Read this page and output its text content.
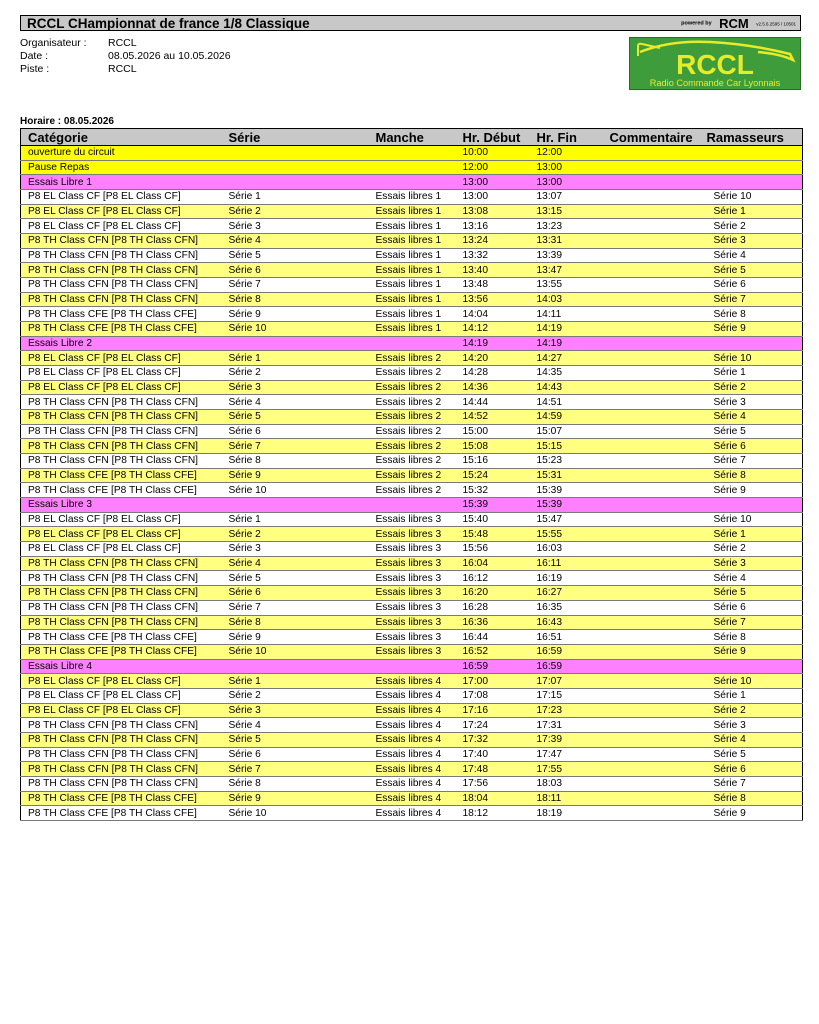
RCCL CHampionnat de france 1/8 Classique	powered by RCM v2.5.6.2595 / 10501
Organisateur : RCCL
Date :	08.05.2026 au 10.05.2026
Piste :	RCCL	RCCL
Radio Commande Car Lyonnais
Horaire : 08.05.2026
Catégorie	Série	Manche	Hr. Début	Hr. Fin	Commentaire	Ramasseurs
ouverture du circuit			10:00	12:00		
Pause Repas			12:00	13:00		
Essais Libre 1			13:00	13:00		
P8 EL Class CF [P8 EL Class CF]	Série 1	Essais libres 1	13:00	13:07		Série 10
P8 EL Class CF [P8 EL Class CF]	Série 2	Essais libres 1	13:08	13:15		Série 1
P8 EL Class CF [P8 EL Class CF]	Série 3	Essais libres 1	13:16	13:23		Série 2
P8 TH Class CFN [P8 TH Class CFN]	Série 4	Essais libres 1	13:24	13:31		Série 3
P8 TH Class CFN [P8 TH Class CFN]	Série 5	Essais libres 1	13:32	13:39		Série 4
P8 TH Class CFN [P8 TH Class CFN]	Série 6	Essais libres 1	13:40	13:47		Série 5
P8 TH Class CFN [P8 TH Class CFN]	Série 7	Essais libres 1	13:48	13:55		Série 6
P8 TH Class CFN [P8 TH Class CFN]	Série 8	Essais libres 1	13:56	14:03		Série 7
P8 TH Class CFE [P8 TH Class CFE]	Série 9	Essais libres 1	14:04	14:11		Série 8
P8 TH Class CFE [P8 TH Class CFE]	Série 10	Essais libres 1	14:12	14:19		Série 9
Essais Libre 2			14:19	14:19		
P8 EL Class CF [P8 EL Class CF]	Série 1	Essais libres 2	14:20	14:27		Série 10
P8 EL Class CF [P8 EL Class CF]	Série 2	Essais libres 2	14:28	14:35		Série 1
P8 EL Class CF [P8 EL Class CF]	Série 3	Essais libres 2	14:36	14:43		Série 2
P8 TH Class CFN [P8 TH Class CFN]	Série 4	Essais libres 2	14:44	14:51		Série 3
P8 TH Class CFN [P8 TH Class CFN]	Série 5	Essais libres 2	14:52	14:59		Série 4
P8 TH Class CFN [P8 TH Class CFN]	Série 6	Essais libres 2	15:00	15:07		Série 5
P8 TH Class CFN [P8 TH Class CFN]	Série 7	Essais libres 2	15:08	15:15		Série 6
P8 TH Class CFN [P8 TH Class CFN]	Série 8	Essais libres 2	15:16	15:23		Série 7
P8 TH Class CFE [P8 TH Class CFE]	Série 9	Essais libres 2	15:24	15:31		Série 8
P8 TH Class CFE [P8 TH Class CFE]	Série 10	Essais libres 2	15:32	15:39		Série 9
Essais Libre 3			15:39	15:39		
P8 EL Class CF [P8 EL Class CF]	Série 1	Essais libres 3	15:40	15:47		Série 10
P8 EL Class CF [P8 EL Class CF]	Série 2	Essais libres 3	15:48	15:55		Série 1
P8 EL Class CF [P8 EL Class CF]	Série 3	Essais libres 3	15:56	16:03		Série 2
P8 TH Class CFN [P8 TH Class CFN]	Série 4	Essais libres 3	16:04	16:11		Série 3
P8 TH Class CFN [P8 TH Class CFN]	Série 5	Essais libres 3	16:12	16:19		Série 4
P8 TH Class CFN [P8 TH Class CFN]	Série 6	Essais libres 3	16:20	16:27		Série 5
P8 TH Class CFN [P8 TH Class CFN]	Série 7	Essais libres 3	16:28	16:35		Série 6
P8 TH Class CFN [P8 TH Class CFN]	Série 8	Essais libres 3	16:36	16:43		Série 7
P8 TH Class CFE [P8 TH Class CFE]	Série 9	Essais libres 3	16:44	16:51		Série 8
P8 TH Class CFE [P8 TH Class CFE]	Série 10	Essais libres 3	16:52	16:59		Série 9
Essais Libre 4			16:59	16:59		
P8 EL Class CF [P8 EL Class CF]	Série 1	Essais libres 4	17:00	17:07		Série 10
P8 EL Class CF [P8 EL Class CF]	Série 2	Essais libres 4	17:08	17:15		Série 1
P8 EL Class CF [P8 EL Class CF]	Série 3	Essais libres 4	17:16	17:23		Série 2
P8 TH Class CFN [P8 TH Class CFN]	Série 4	Essais libres 4	17:24	17:31		Série 3
P8 TH Class CFN [P8 TH Class CFN]	Série 5	Essais libres 4	17:32	17:39		Série 4
P8 TH Class CFN [P8 TH Class CFN]	Série 6	Essais libres 4	17:40	17:47		Série 5
P8 TH Class CFN [P8 TH Class CFN]	Série 7	Essais libres 4	17:48	17:55		Série 6
P8 TH Class CFN [P8 TH Class CFN]	Série 8	Essais libres 4	17:56	18:03		Série 7
P8 TH Class CFE [P8 TH Class CFE]	Série 9	Essais libres 4	18:04	18:11		Série 8
P8 TH Class CFE [P8 TH Class CFE]	Série 10	Essais libres 4	18:12	18:19		Série 9
